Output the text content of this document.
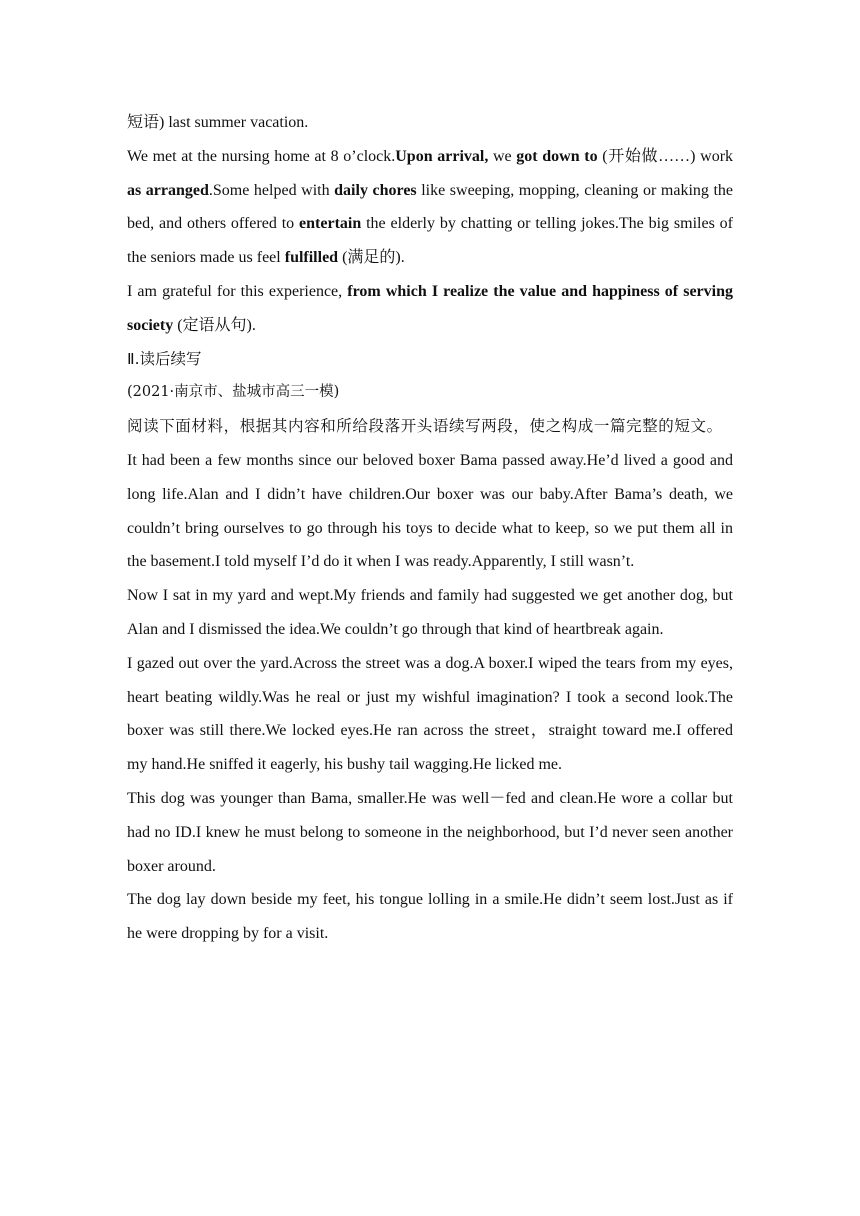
短语) last summer vacation.

We met at the nursing home at 8 o’clock.Upon arrival, we got down to (开始做……) work as arranged.Some helped with daily chores like sweeping, mopping, cleaning or making the bed, and others offered to entertain the elderly by chatting or telling jokes.The big smiles of the seniors made us feel fulfilled (满足的).

I am grateful for this experience, from which I realize the value and happiness of serving society (定语从句).

Ⅱ.读后续写

(2021·南京市、盐城市高三一模)

阅读下面材料，根据其内容和所给段落开头语续写两段，使之构成一篇完整的短文。

It had been a few months since our beloved boxer Bama passed away.He’d lived a good and long life.Alan and I didn’t have children.Our boxer was our baby.After Bama’s death, we couldn’t bring ourselves to go through his toys to decide what to keep, so we put them all in the basement.I told myself I’d do it when I was ready.Apparently, I still wasn’t.

Now I sat in my yard and wept.My friends and family had suggested we get another dog, but Alan and I dismissed the idea.We couldn’t go through that kind of heartbreak again.

I gazed out over the yard.Across the street was a dog.A boxer.I wiped the tears from my eyes, heart beating wildly.Was he real or just my wishful imagination? I took a second look.The boxer was still there.We locked eyes.He ran across the street，straight toward me.I offered my hand.He sniffed it eagerly, his bushy tail wagging.He licked me.

This dog was younger than Bama, smaller.He was well－fed and clean.He wore a collar but had no ID.I knew he must belong to someone in the neighborhood, but I’d never seen another boxer around.

The dog lay down beside my feet, his tongue lolling in a smile.He didn’t seem lost.Just as if he were dropping by for a visit.
